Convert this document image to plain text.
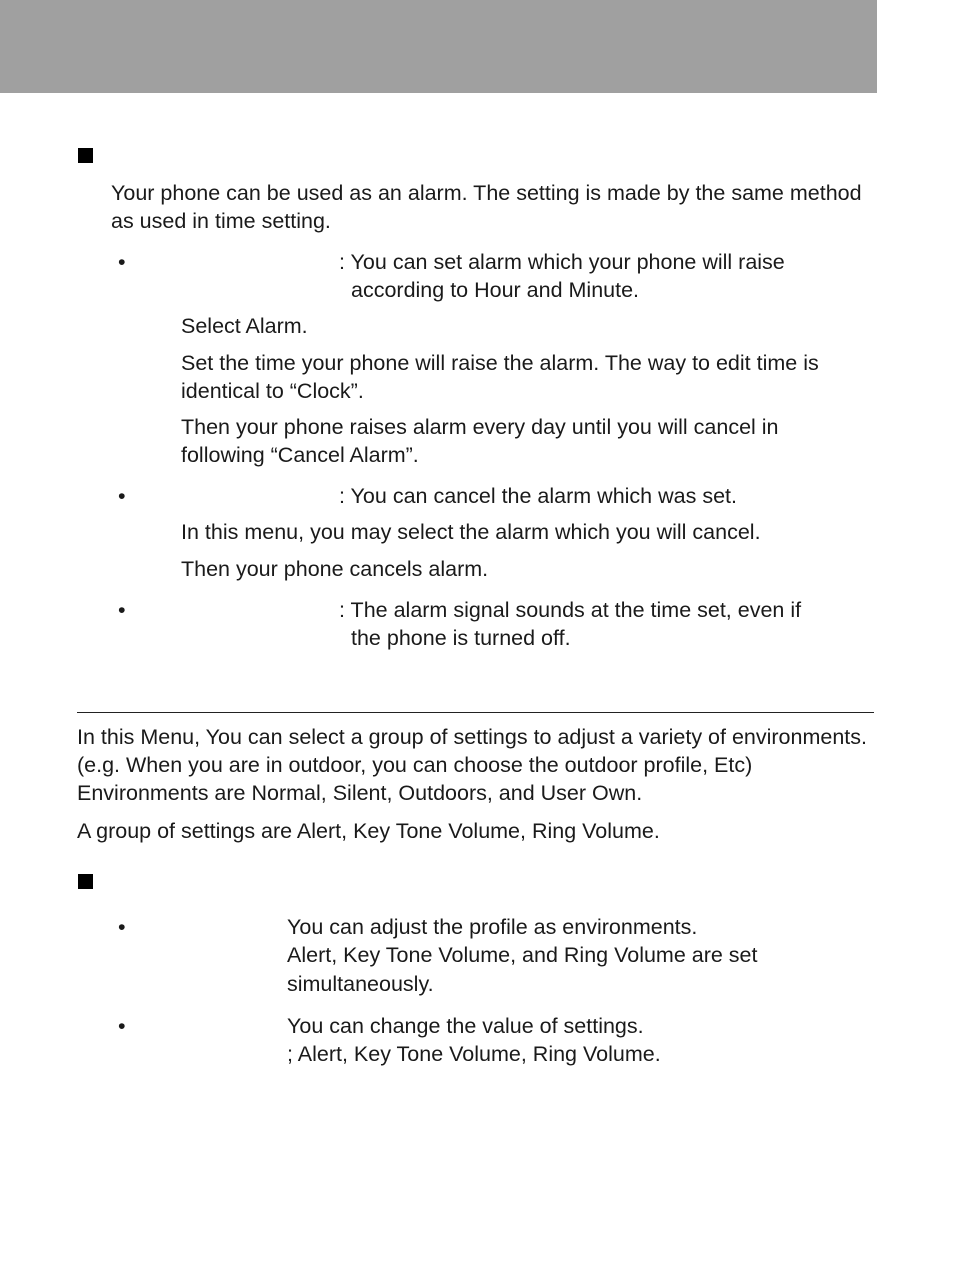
Your phone can be used as an alarm. The setting is made by the same method as used in time setting.

•	: You can set alarm which your phone will raise

according to Hour and Minute.

Select Alarm.

Set the time your phone will raise the alarm. The way to edit time is identical to “Clock”.

Then your phone raises alarm every day until you will cancel in following “Cancel Alarm”.

•	: You can cancel the alarm which was set.

In this menu, you may select the alarm which you will cancel.

Then your phone cancels alarm.

•	: The alarm signal sounds at the time set, even if

the phone is turned off.

In this Menu, You can select a group of settings to adjust a variety of environments. (e.g. When you are in outdoor, you can choose the outdoor profile, Etc) Environments are Normal, Silent, Outdoors, and User Own.

A group of settings are Alert, Key Tone Volume, Ring Volume.

•	You can adjust the profile as environments.

Alert, Key Tone Volume, and Ring Volume are set

simultaneously.

•	You can change the value of settings.

; Alert, Key Tone Volume, Ring Volume.
